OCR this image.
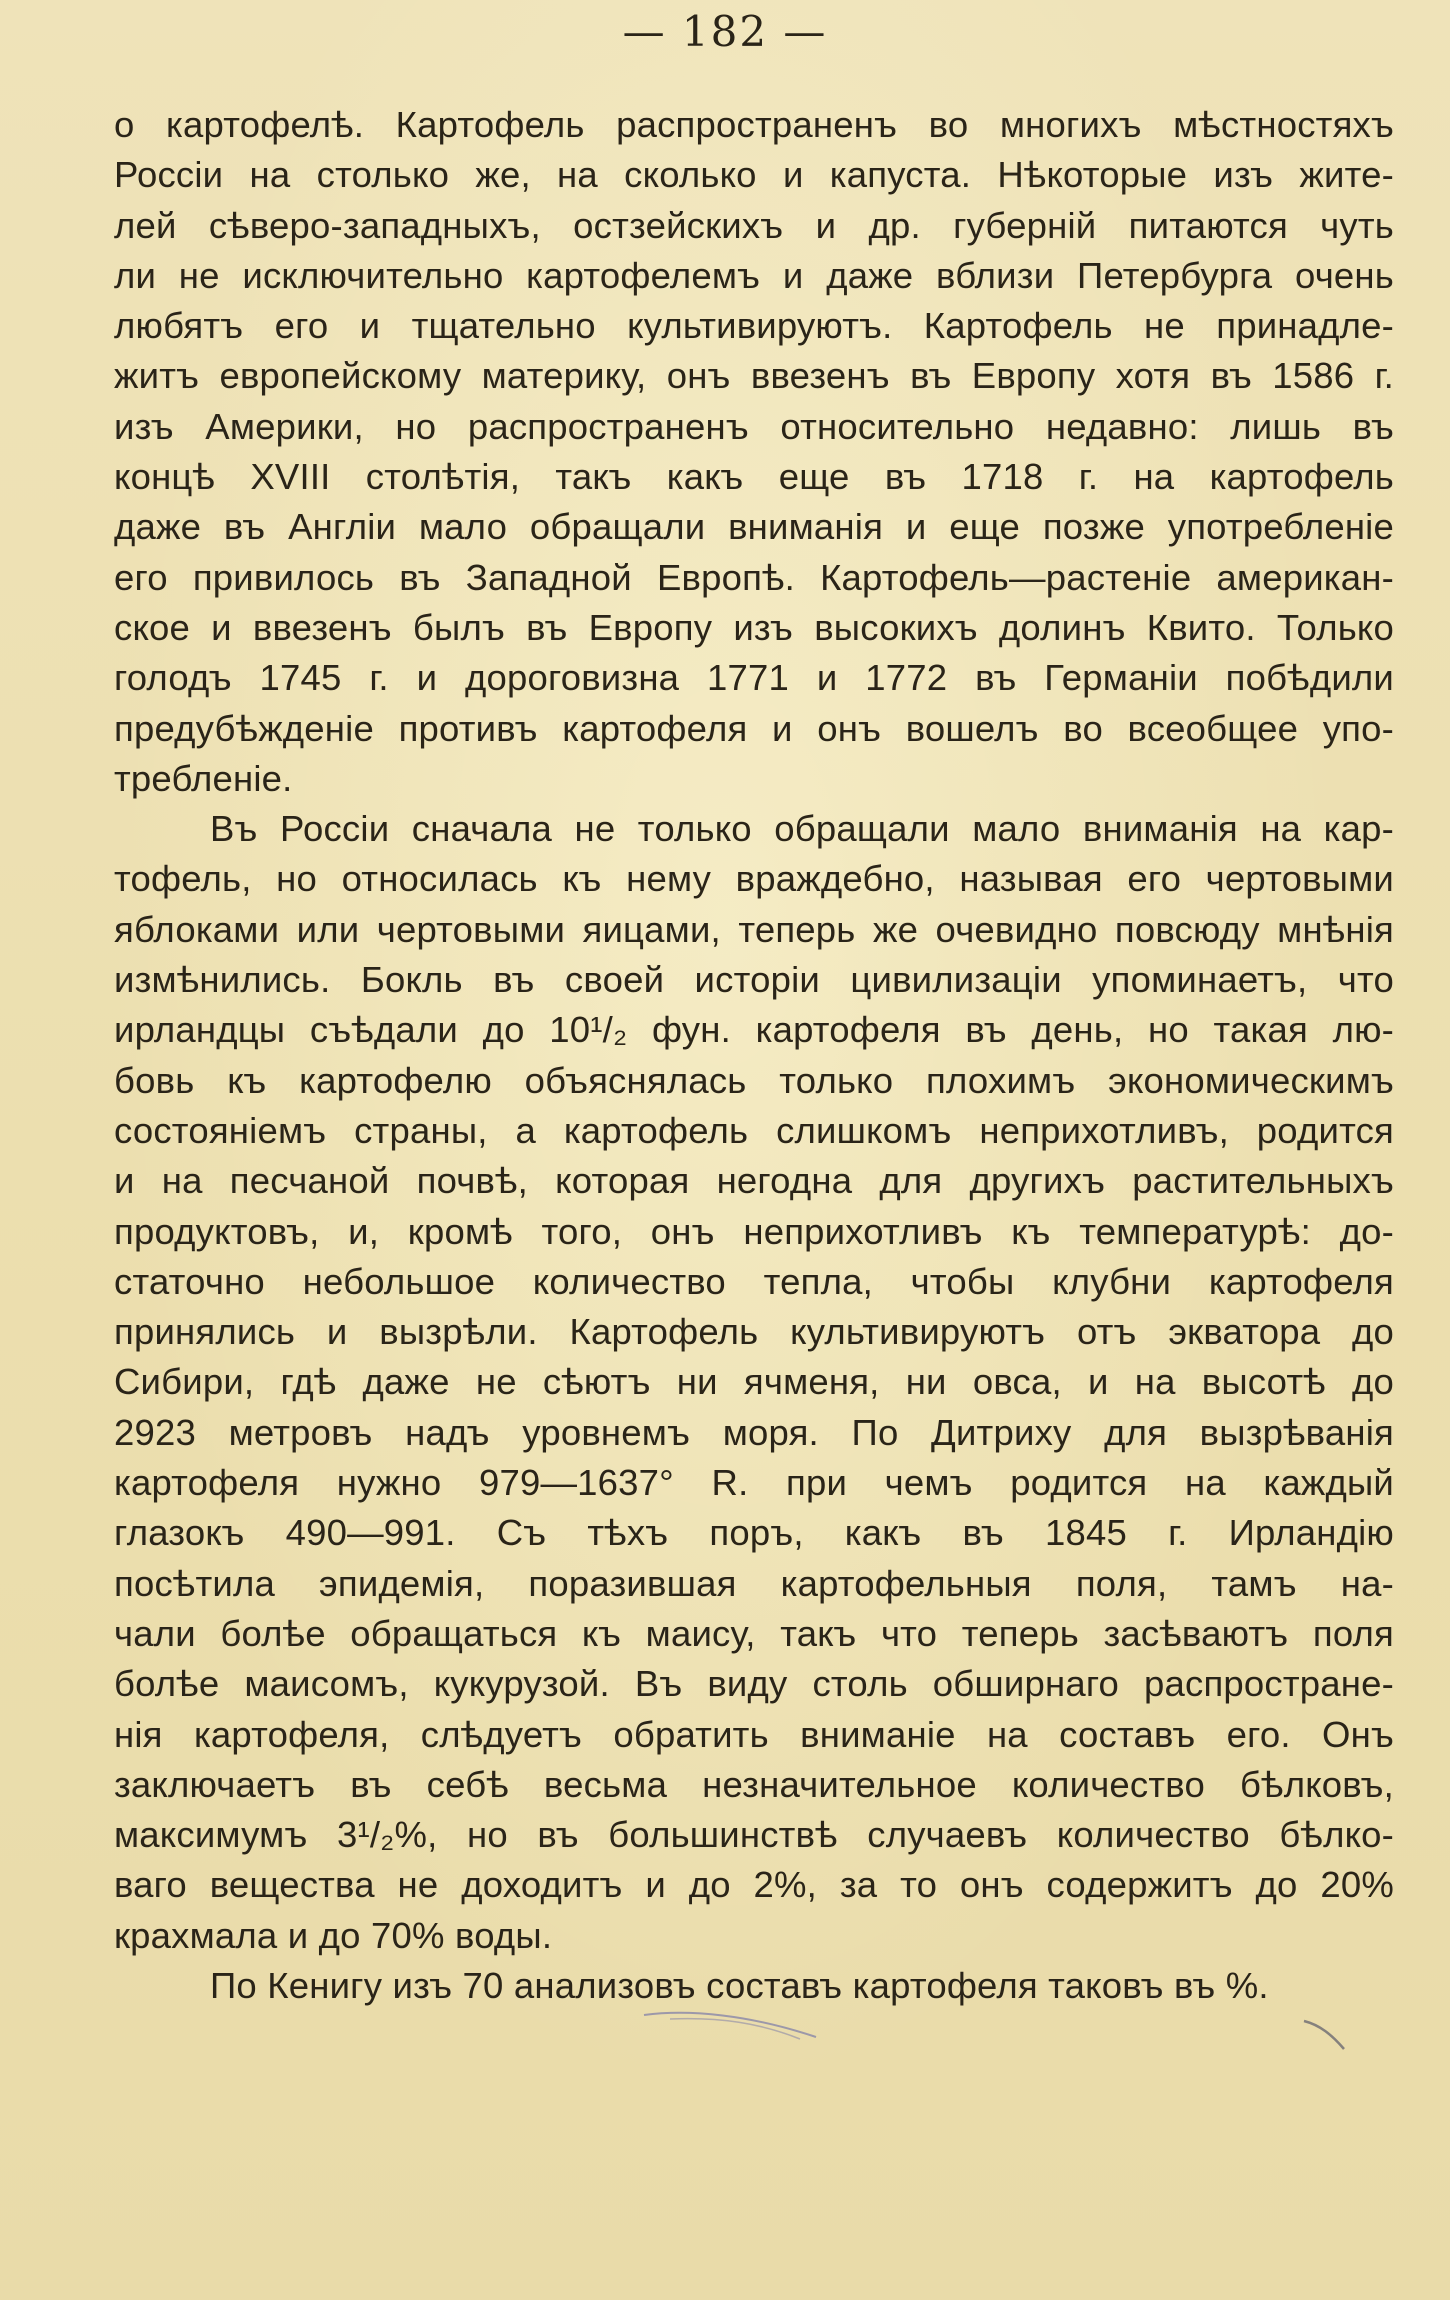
— 182 —
о картофелѣ. Картофель распространенъ во многихъ мѣстностяхъ
Россіи на столько же, на сколько и капуста. Нѣкоторые изъ жите-
лей сѣверо-западныхъ, остзейскихъ и др. губерній питаются чуть
ли не исключительно картофелемъ и даже вблизи Петербурга очень
любятъ его и тщательно культивируютъ. Картофель не принадле-
житъ европейскому материку, онъ ввезенъ въ Европу хотя въ 1586 г.
изъ Америки, но распространенъ относительно недавно: лишь въ
концѣ XVIII столѣтія, такъ какъ еще въ 1718 г. на картофель
даже въ Англіи мало обращали вниманія и еще позже употребленіе
его привилось въ Западной Европѣ. Картофель—растеніе американ-
ское и ввезенъ былъ въ Европу изъ высокихъ долинъ Квито. Только
голодъ 1745 г. и дороговизна 1771 и 1772 въ Германіи побѣдили
предубѣжденіе противъ картофеля и онъ вошелъ во всеобщее упо-
требленіе.
Въ Россіи сначала не только обращали мало вниманія на кар-
тофель, но относилась къ нему враждебно, называя его чертовыми
яблоками или чертовыми яицами, теперь же очевидно повсюду мнѣнія
измѣнились. Бокль въ своей исторіи цивилизаціи упоминаетъ, что
ирландцы съѣдали до 10¹/₂ фун. картофеля въ день, но такая лю-
бовь къ картофелю объяснялась только плохимъ экономическимъ
состояніемъ страны, а картофель слишкомъ неприхотливъ, родится
и на песчаной почвѣ, которая негодна для другихъ растительныхъ
продуктовъ, и, кромѣ того, онъ неприхотливъ къ температурѣ: до-
статочно небольшое количество тепла, чтобы клубни картофеля
принялись и вызрѣли. Картофель культивируютъ отъ экватора до
Сибири, гдѣ даже не сѣютъ ни ячменя, ни овса, и на высотѣ до
2923 метровъ надъ уровнемъ моря. По Дитриху для вызрѣванія
картофеля нужно 979—1637° R. при чемъ родится на каждый
глазокъ 490—991. Съ тѣхъ поръ, какъ въ 1845 г. Ирландію
посѣтила эпидемія, поразившая картофельныя поля, тамъ на-
чали болѣе обращаться къ маису, такъ что теперь засѣваютъ поля
болѣе маисомъ, кукурузой. Въ виду столь обширнаго распростране-
нія картофеля, слѣдуетъ обратить вниманіе на составъ его. Онъ
заключаетъ въ себѣ весьма незначительное количество бѣлковъ,
максимумъ 3¹/₂%, но въ большинствѣ случаевъ количество бѣлко-
ваго вещества не доходитъ и до 2%, за то онъ содержитъ до 20%
крахмала и до 70% воды.
По Кенигу изъ 70 анализовъ составъ картофеля таковъ въ %.
